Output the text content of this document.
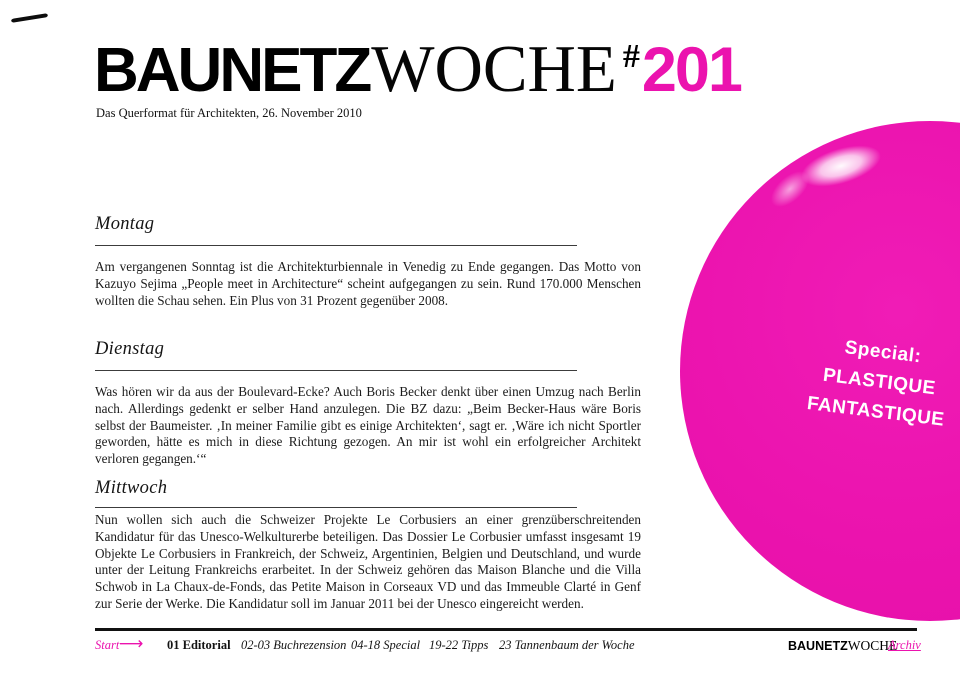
BAUNETZ WOCHE # 201
Das Querformat für Architekten, 26. November 2010
Special:
PLASTIQUE
FANTASTIQUE
Montag
Am vergangenen Sonntag ist die Architekturbiennale in Venedig zu Ende gegangen. Das Motto von Kazuyo Sejima „People meet in Architecture“ scheint aufgegangen zu sein. Rund 170.000 Menschen wollten die Schau sehen. Ein Plus von 31 Prozent gegenüber 2008.
Dienstag
Was hören wir da aus der Boulevard-Ecke? Auch Boris Becker denkt über einen Umzug nach Berlin nach. Allerdings gedenkt er selber Hand anzulegen. Die BZ dazu: „Beim Becker-Haus wäre Boris selbst der Baumeister. ‚In meiner Familie gibt es einige Architekten‘, sagt er. ‚Wäre ich nicht Sportler geworden, hätte es mich in diese Richtung gezogen. An mir ist wohl ein erfolgreicher Architekt verloren gegangen.‘“
Mittwoch
Nun wollen sich auch die Schweizer Projekte Le Corbusiers an einer grenzüberschreitenden Kandidatur für das Unesco-Welkulturerbe beteiligen. Das Dossier Le Corbusier umfasst insgesamt 19 Objekte Le Corbusiers in Frankreich, der Schweiz, Argentinien, Belgien und Deutschland, und wurde unter der Leitung Frankreichs erarbeitet. In der Schweiz gehören das Maison Blanche und die Villa Schwob in La Chaux-de-Fonds, das Petite Maison in Corseaux VD und das Immeuble Clarté in Genf zur Serie der Werke. Die Kandidatur soll im Januar 2011 bei der Unesco eingereicht werden.
Start ⟶ 01 Editorial 02-03 Buchrezension 04-18 Special 19-22 Tipps 23 Tannenbaum der Woche	BAUNETZWOCHE
Archiv
